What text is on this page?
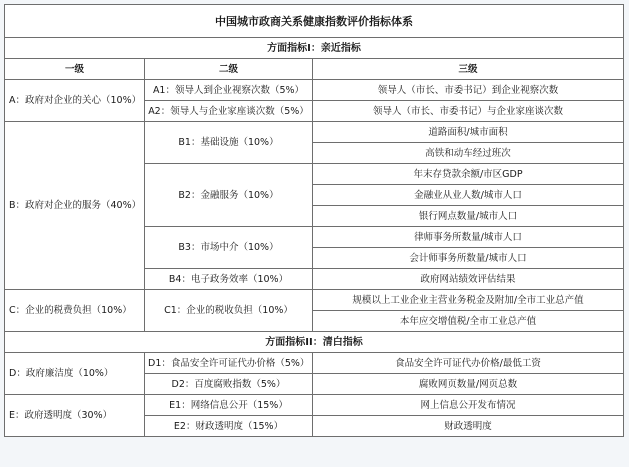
中国城市政商关系健康指数评价指标体系		
方面指标I：亲近指标		
一级	二级	三级
A：政府对企业的关心（10%）	A1：领导人到企业视察次数（5%）	领导人（市长、市委书记）到企业视察次数
	A2：领导人与企业家座谈次数（5%）	领导人（市长、市委书记）与企业家座谈次数
B：政府对企业的服务（40%）	B1：基础设施（10%）	道路面积/城市面积
		高铁和动车经过班次
	B2：金融服务（10%）	年末存贷款余额/市区GDP
		金融业从业人数/城市人口
		银行网点数量/城市人口
	B3：市场中介（10%）	律师事务所数量/城市人口
		会计师事务所数量/城市人口
	B4：电子政务效率（10%）	政府网站绩效评估结果
C：企业的税费负担（10%）	C1：企业的税收负担（10%）	规模以上工业企业主营业务税金及附加/全市工业总产值
		本年应交增值税/全市工业总产值
方面指标II：清白指标		
D：政府廉洁度（10%）	D1：食品安全许可证代办价格（5%）	食品安全许可证代办价格/最低工资
	D2：百度腐败指数（5%）	腐败网页数量/网页总数
E：政府透明度（30%）	E1：网络信息公开（15%）	网上信息公开发布情况
	E2：财政透明度（15%）	财政透明度
